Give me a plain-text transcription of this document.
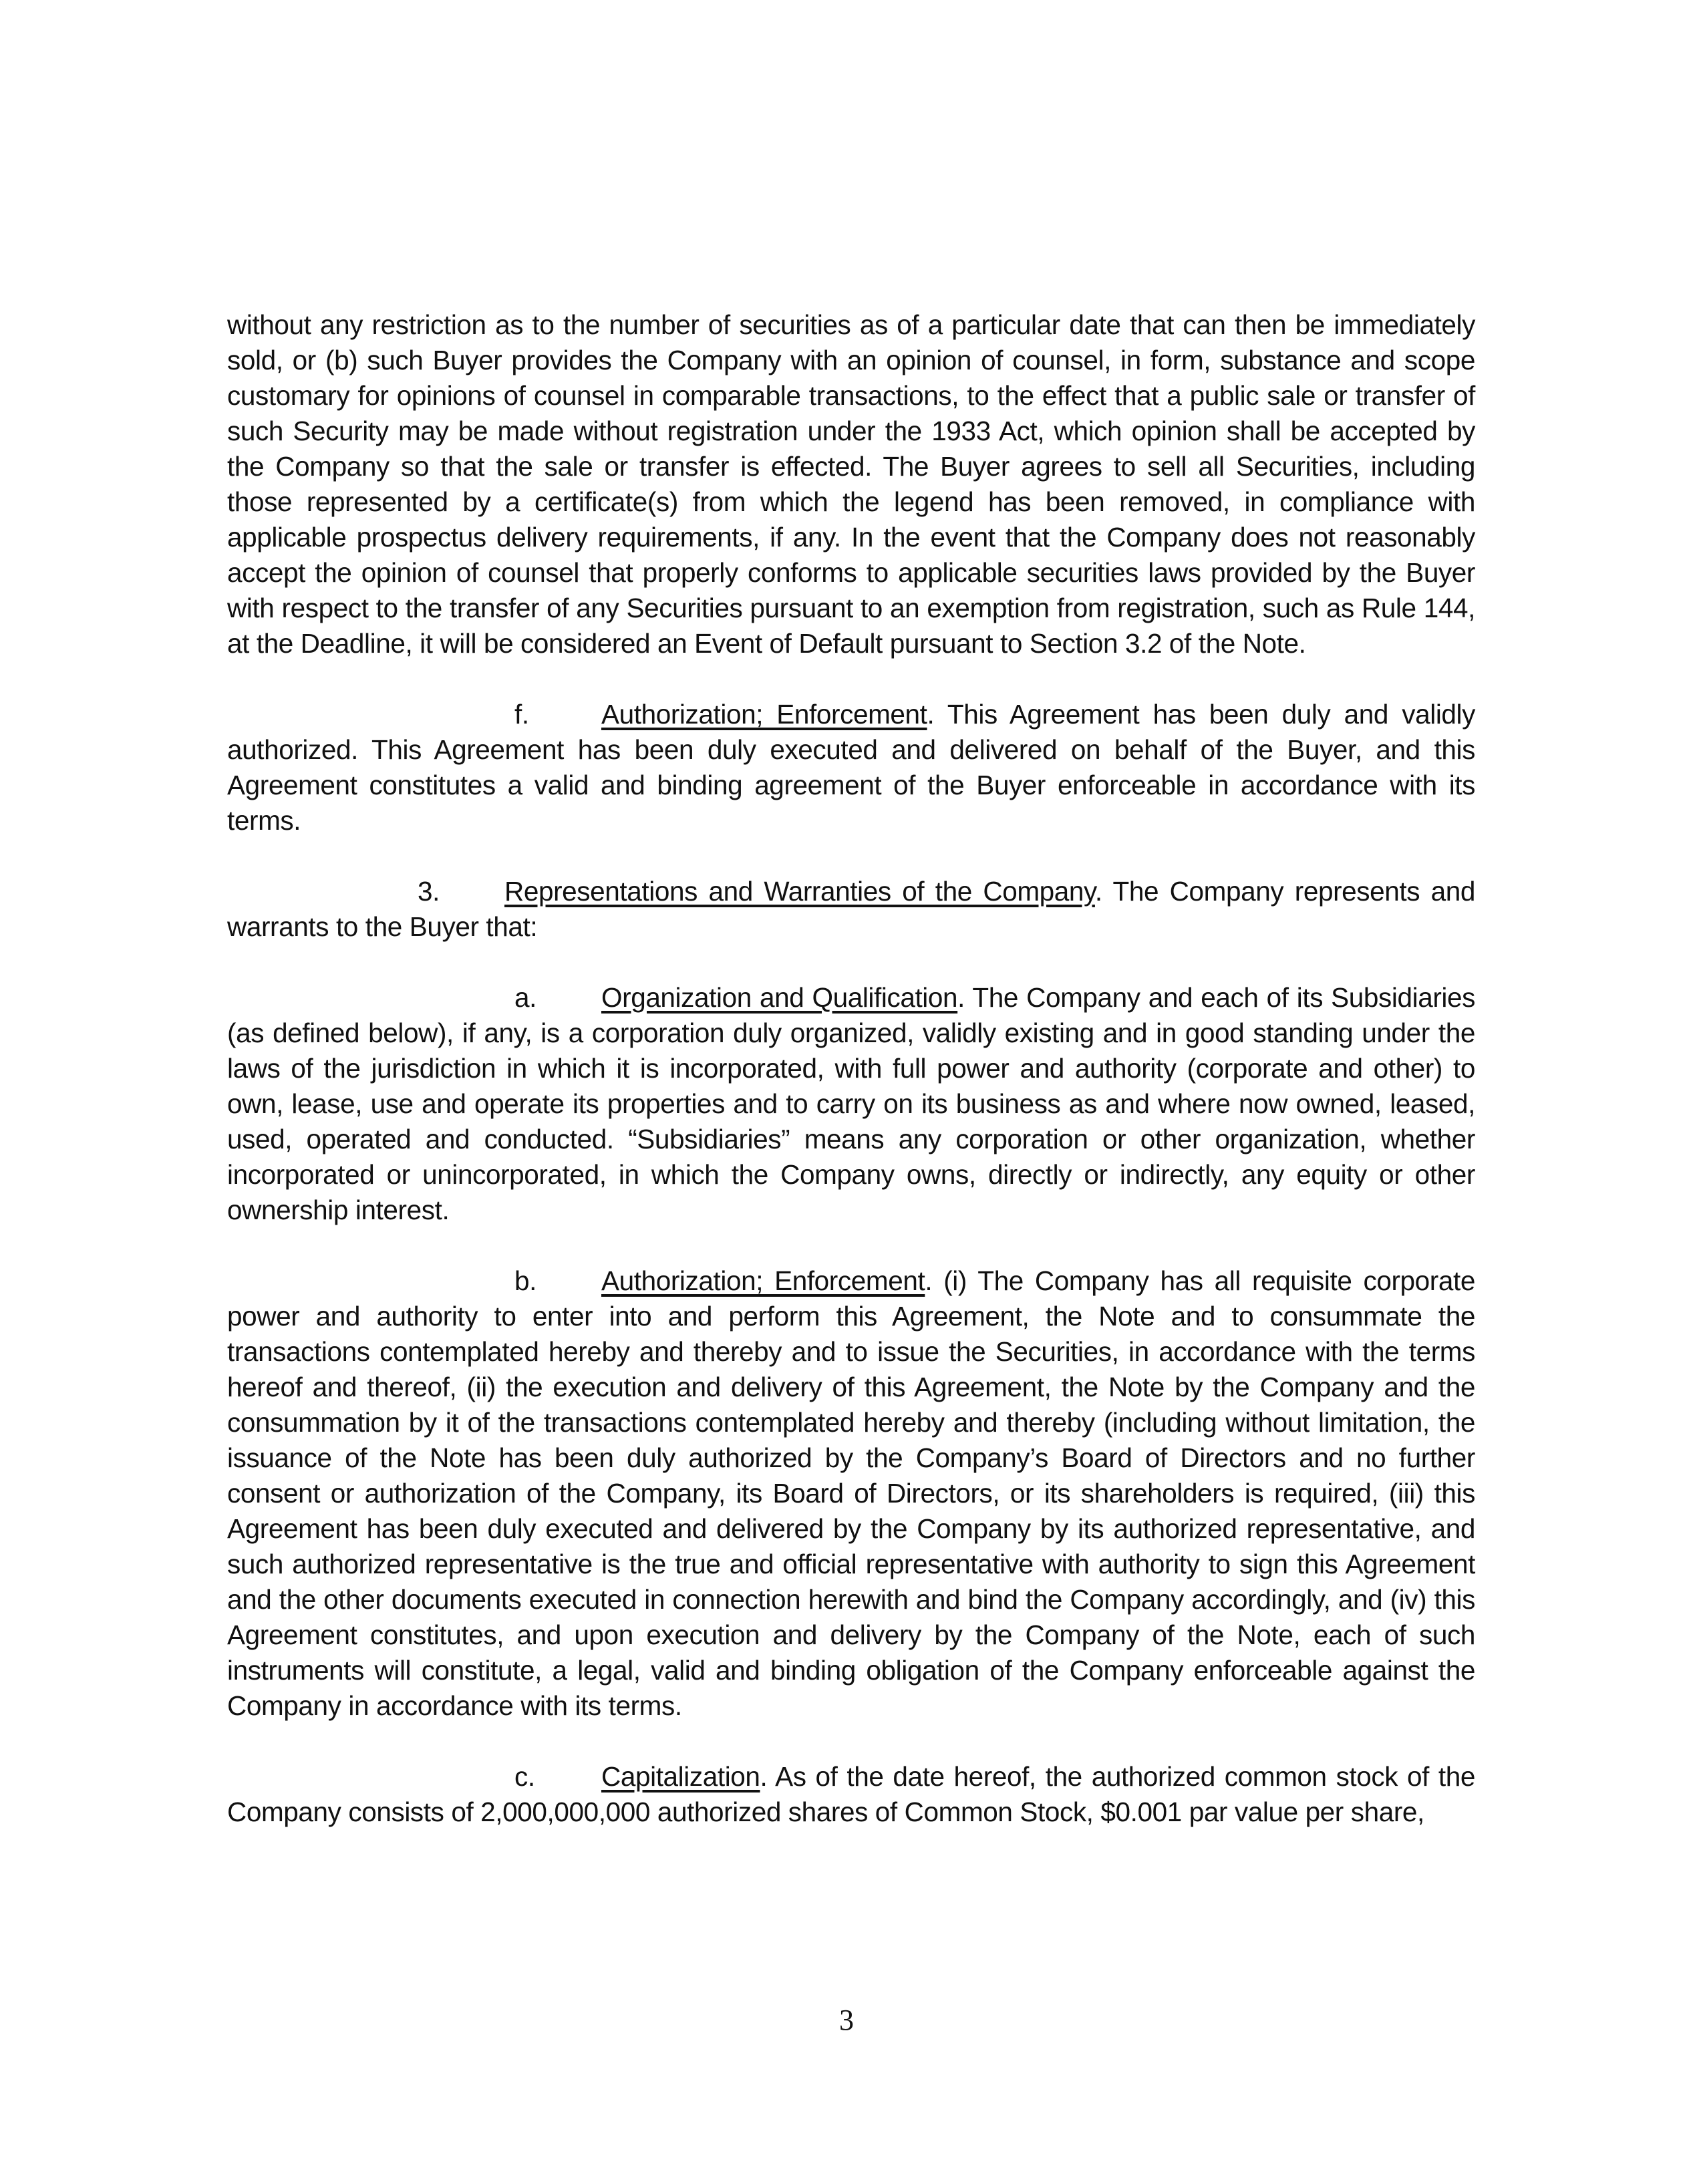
without any restriction as to the number of securities as of a particular date that can then be immediately sold, or (b) such Buyer provides the Company with an opinion of counsel, in form, substance and scope customary for opinions of counsel in comparable transactions, to the effect that a public sale or transfer of such Security may be made without registration under the 1933 Act, which opinion shall be accepted by the Company so that the sale or transfer is effected. The Buyer agrees to sell all Securities, including those represented by a certificate(s) from which the legend has been removed, in compliance with applicable prospectus delivery requirements, if any. In the event that the Company does not reasonably accept the opinion of counsel that properly conforms to applicable securities laws provided by the Buyer with respect to the transfer of any Securities pursuant to an exemption from registration, such as Rule 144, at the Deadline, it will be considered an Event of Default pursuant to Section 3.2 of the Note.

f.	Authorization; Enforcement. This Agreement has been duly and validly authorized. This Agreement has been duly executed and delivered on behalf of the Buyer, and this Agreement constitutes a valid and binding agreement of the Buyer enforceable in accordance with its terms.

3. Representations and Warranties of the Company. The Company represents and warrants to the Buyer that:

a. Organization and Qualification. The Company and each of its Subsidiaries (as defined below), if any, is a corporation duly organized, validly existing and in good standing under the laws of the jurisdiction in which it is incorporated, with full power and authority (corporate and other) to own, lease, use and operate its properties and to carry on its business as and where now owned, leased, used, operated and conducted. “Subsidiaries” means any corporation or other organization, whether incorporated or unincorporated, in which the Company owns, directly or indirectly, any equity or other ownership interest.

b. Authorization; Enforcement. (i) The Company has all requisite corporate power and authority to enter into and perform this Agreement, the Note and to consummate the transactions contemplated hereby and thereby and to issue the Securities, in accordance with the terms hereof and thereof, (ii) the execution and delivery of this Agreement, the Note by the Company and the consummation by it of the transactions contemplated hereby and thereby (including without limitation, the issuance of the Note has been duly authorized by the Company’s Board of Directors and no further consent or authorization of the Company, its Board of Directors, or its shareholders is required, (iii) this Agreement has been duly executed and delivered by the Company by its authorized representative, and such authorized representative is the true and official representative with authority to sign this Agreement and the other documents executed in connection herewith and bind the Company accordingly, and (iv) this Agreement constitutes, and upon execution and delivery by the Company of the Note, each of such instruments will constitute, a legal, valid and binding obligation of the Company enforceable against the Company in accordance with its terms.

c. Capitalization. As of the date hereof, the authorized common stock of the Company consists of 2,000,000,000 authorized shares of Common Stock, $0.001 par value per share,

3
